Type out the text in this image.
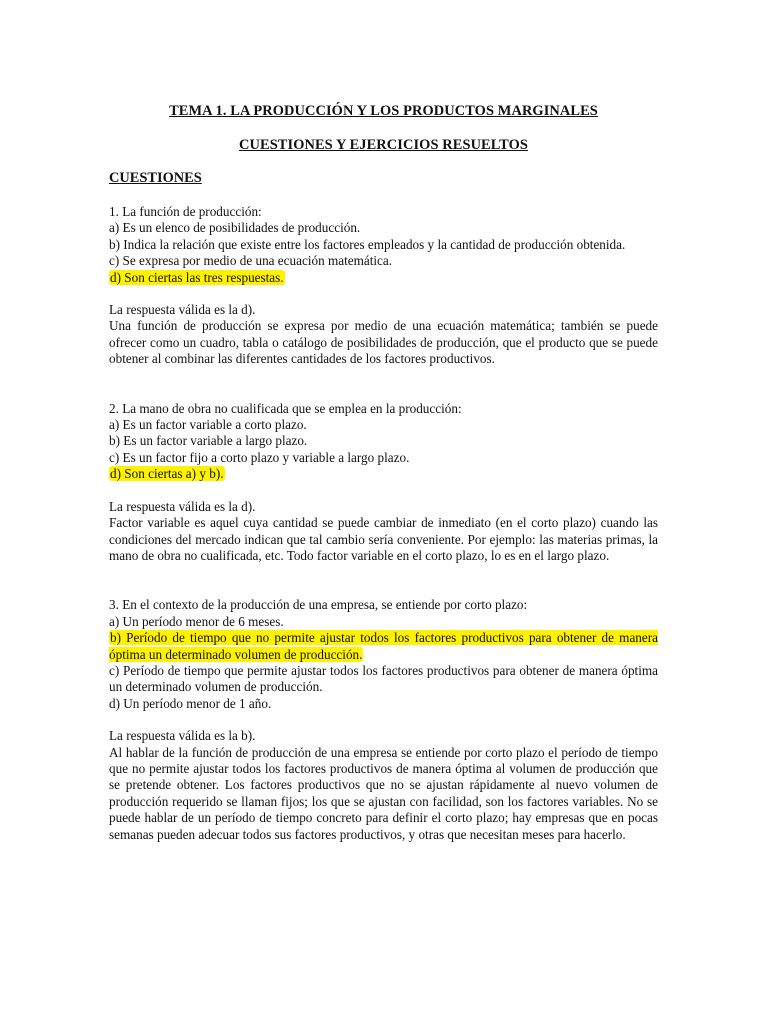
TEMA 1. LA PRODUCCIÓN Y LOS PRODUCTOS MARGINALES

CUESTIONES Y EJERCICIOS RESUELTOS

CUESTIONES
1. La función de producción:
a) Es un elenco de posibilidades de producción.
b) Indica la relación que existe entre los factores empleados y la cantidad de producción obtenida.
c) Se expresa por medio de una ecuación matemática.
d) Son ciertas las tres respuestas.
La respuesta válida es la d).
Una función de producción se expresa por medio de una ecuación matemática; también se puede ofrecer como un cuadro, tabla o catálogo de posibilidades de producción, que el producto que se puede obtener al combinar las diferentes cantidades de los factores productivos.
2. La mano de obra no cualificada que se emplea en la producción:
a) Es un factor variable a corto plazo.
b) Es un factor variable a largo plazo.
c) Es un factor fijo a corto plazo y variable a largo plazo.
d) Son ciertas a) y b).
La respuesta válida es la d).
Factor variable es aquel cuya cantidad se puede cambiar de inmediato (en el corto plazo) cuando las condiciones del mercado indican que tal cambio sería conveniente. Por ejemplo: las materias primas, la mano de obra no cualificada, etc. Todo factor variable en el corto plazo, lo es en el largo plazo.
3. En el contexto de la producción de una empresa, se entiende por corto plazo:
a) Un período menor de 6 meses.
b) Período de tiempo que no permite ajustar todos los factores productivos para obtener de manera óptima un determinado volumen de producción.
c) Período de tiempo que permite ajustar todos los factores productivos para obtener de manera óptima un determinado volumen de producción.
d) Un período menor de 1 año.
La respuesta válida es la b).
Al hablar de la función de producción de una empresa se entiende por corto plazo el período de tiempo que no permite ajustar todos los factores productivos de manera óptima al volumen de producción que se pretende obtener. Los factores productivos que no se ajustan rápidamente al nuevo volumen de producción requerido se llaman fijos; los que se ajustan con facilidad, son los factores variables. No se puede hablar de un período de tiempo concreto para definir el corto plazo; hay empresas que en pocas semanas pueden adecuar todos sus factores productivos, y otras que necesitan meses para hacerlo.
